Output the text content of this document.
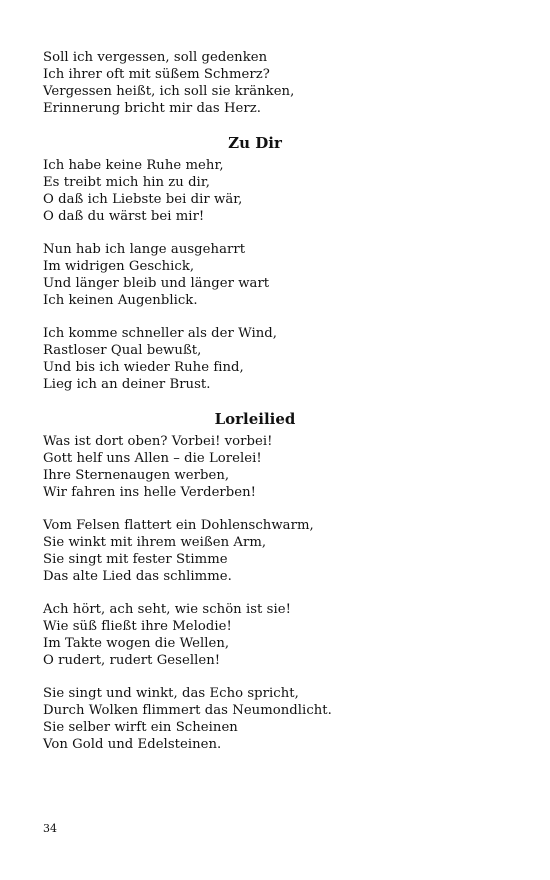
Soll ich vergessen, soll gedenken
Ich ihrer oft mit süßem Schmerz?
Vergessen heißt, ich soll sie kränken,
Erinnerung bricht mir das Herz.
Zu Dir
Ich habe keine Ruhe mehr,
Es treibt mich hin zu dir,
O daß ich Liebste bei dir wär,
O daß du wärst bei mir!
Nun hab ich lange ausgeharrt
Im widrigen Geschick,
Und länger bleib und länger wart
Ich keinen Augenblick.
Ich komme schneller als der Wind,
Rastloser Qual bewußt,
Und bis ich wieder Ruhe find,
Lieg ich an deiner Brust.
Lorleilied
Was ist dort oben? Vorbei! vorbei!
Gott helf uns Allen – die Lorelei!
Ihre Sternenaugen werben,
Wir fahren ins helle Verderben!
Vom Felsen flattert ein Dohlenschwarm,
Sie winkt mit ihrem weißen Arm,
Sie singt mit fester Stimme
Das alte Lied das schlimme.
Ach hört, ach seht, wie schön ist sie!
Wie süß fließt ihre Melodie!
Im Takte wogen die Wellen,
O rudert, rudert Gesellen!
Sie singt und winkt, das Echo spricht,
Durch Wolken flimmert das Neumondlicht.
Sie selber wirft ein Scheinen
Von Gold und Edelsteinen.
34
